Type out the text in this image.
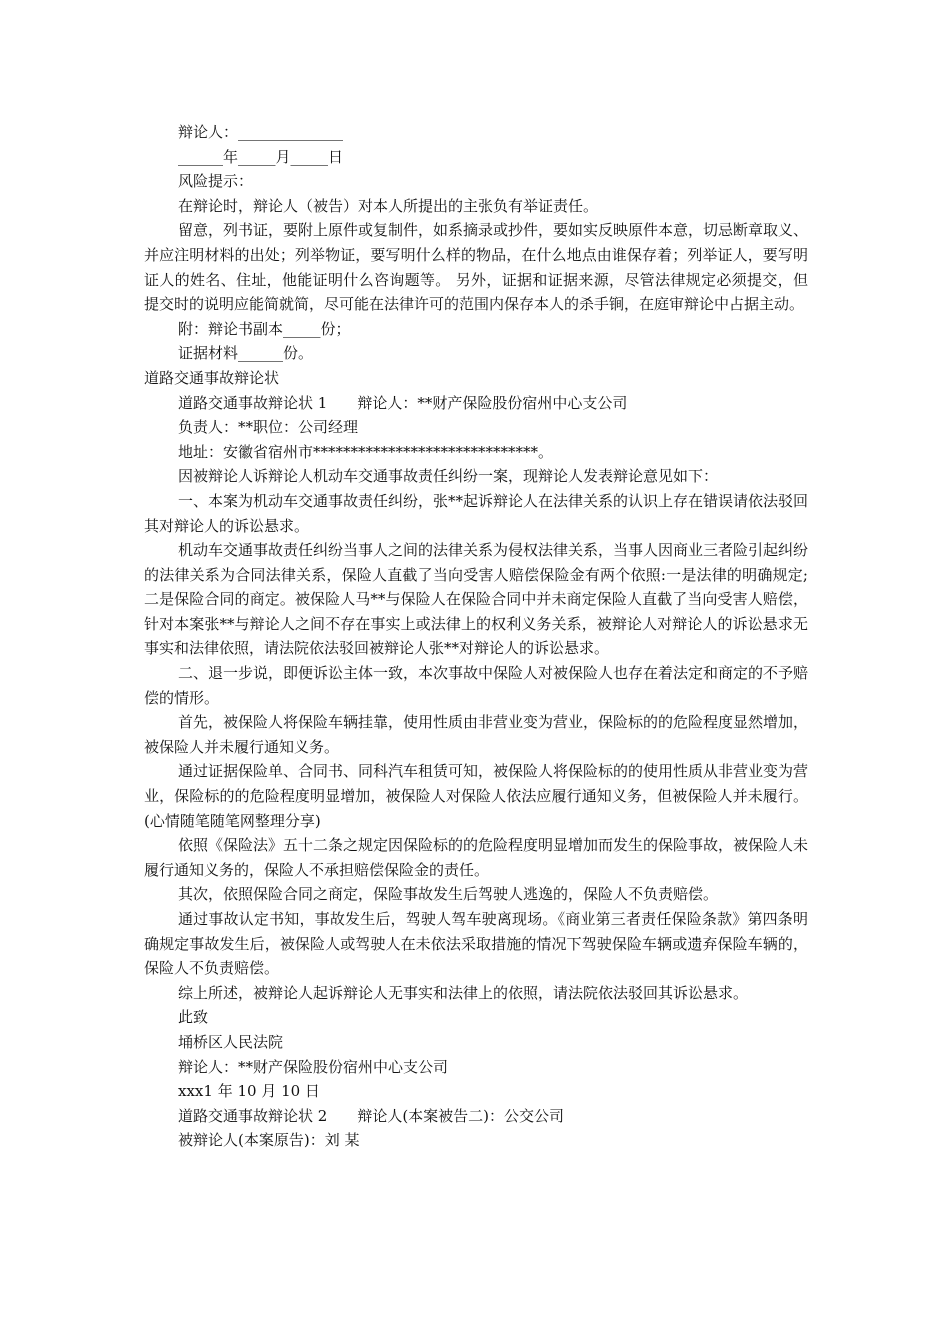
辩论人：______________

______年_____月_____日

风险提示：

在辩论时，辩论人（被告）对本人所提出的主张负有举证责任。

留意，列书证，要附上原件或复制件，如系摘录或抄件，要如实反映原件本意，切忌断章取义、并应注明材料的出处；列举物证，要写明什么样的物品，在什么地点由谁保存着；列举证人，要写明证人的姓名、住址，他能证明什么咨询题等。 另外，证据和证据来源，尽管法律规定必须提交，但提交时的说明应能简就简，尽可能在法律许可的范围内保存本人的杀手锏，在庭审辩论中占据主动。

附：辩论书副本_____份；

证据材料______份。

道路交通事故辩论状

道路交通事故辩论状 1　　辩论人：**财产保险股份宿州中心支公司

负责人：**职位：公司经理

地址：安徽省宿州市******************************。

因被辩论人诉辩论人机动车交通事故责任纠纷一案，现辩论人发表辩论意见如下：

一、本案为机动车交通事故责任纠纷，张**起诉辩论人在法律关系的认识上存在错误请依法驳回其对辩论人的诉讼悬求。

机动车交通事故责任纠纷当事人之间的法律关系为侵权法律关系，当事人因商业三者险引起纠纷的法律关系为合同法律关系，保险人直截了当向受害人赔偿保险金有两个依照:一是法律的明确规定;二是保险合同的商定。被保险人马**与保险人在保险合同中并未商定保险人直截了当向受害人赔偿，针对本案张**与辩论人之间不存在事实上或法律上的权利义务关系，被辩论人对辩论人的诉讼悬求无事实和法律依照，请法院依法驳回被辩论人张**对辩论人的诉讼悬求。

二、退一步说，即便诉讼主体一致，本次事故中保险人对被保险人也存在着法定和商定的不予赔偿的情形。

首先，被保险人将保险车辆挂靠，使用性质由非营业变为营业，保险标的的危险程度显然增加，被保险人并未履行通知义务。

通过证据保险单、合同书、同科汽车租赁可知，被保险人将保险标的的使用性质从非营业变为营业，保险标的的危险程度明显增加，被保险人对保险人依法应履行通知义务，但被保险人并未履行。 (心情随笔随笔网整理分享)

依照《保险法》五十二条之规定因保险标的的危险程度明显增加而发生的保险事故，被保险人未履行通知义务的，保险人不承担赔偿保险金的责任。

其次，依照保险合同之商定，保险事故发生后驾驶人逃逸的，保险人不负责赔偿。

通过事故认定书知，事故发生后，驾驶人驾车驶离现场。《商业第三者责任保险条款》第四条明确规定事故发生后，被保险人或驾驶人在未依法采取措施的情况下驾驶保险车辆或遗弃保险车辆的，保险人不负责赔偿。

综上所述，被辩论人起诉辩论人无事实和法律上的依照，请法院依法驳回其诉讼悬求。

此致

埇桥区人民法院

辩论人：**财产保险股份宿州中心支公司

xxx1 年 10 月 10 日

道路交通事故辩论状 2　　辩论人(本案被告二)：公交公司

被辩论人(本案原告)：刘 某
